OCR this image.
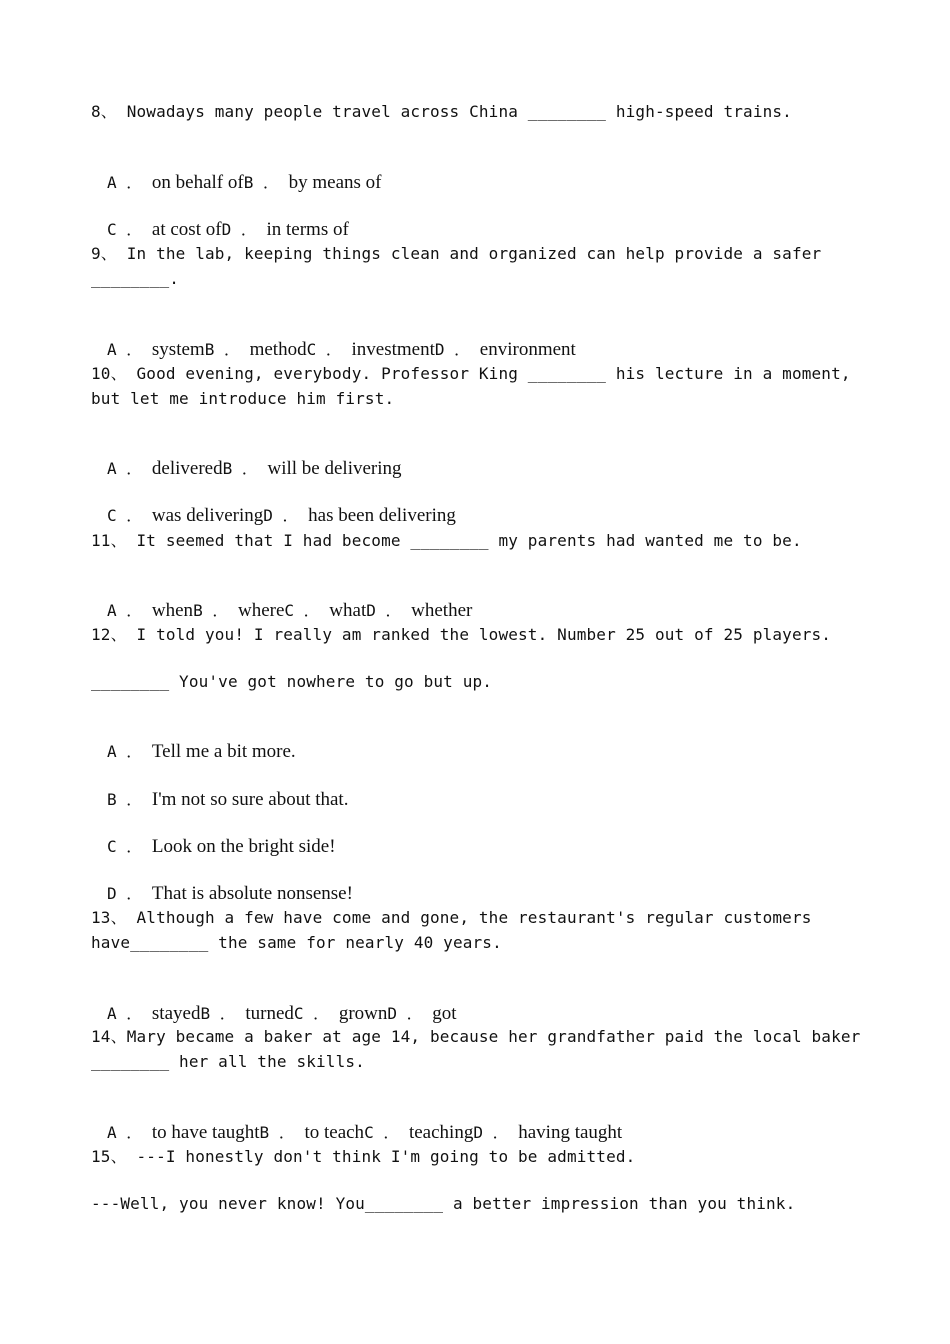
8、 Nowadays many people travel across China ________ high-speed trains.

A ． on behalf ofB ． by means of

C ． at cost ofD ． in terms of

9、 In the lab, keeping things clean and organized can help provide a safer
________.

A ． systemB ． methodC ． investmentD ． environment

10、 Good evening, everybody. Professor King ________ his lecture in a moment,
but let me introduce him first.

A ． deliveredB ． will be delivering

C ． was deliveringD ． has been delivering

11、 It seemed that I had become ________ my parents had wanted me to be.

A ． whenB ． whereC ． whatD ． whether

12、 I told you! I really am ranked the lowest. Number 25 out of 25 players.
________ You've got nowhere to go but up.

A ． Tell me a bit more.

B ． I'm not so sure about that.

C ． Look on the bright side!

D ． That is absolute nonsense!

13、 Although a few have come and gone, the restaurant's regular customers
have________ the same for nearly 40 years.

A ． stayedB ． turnedC ． grownD ． got

14、Mary became a baker at age 14, because her grandfather paid the local baker
________ her all the skills.

A ． to have taughtB ． to teachC ． teachingD ． having taught

15、 ---I honestly don't think I'm going to be admitted.
---Well, you never know! You________ a better impression than you think.
